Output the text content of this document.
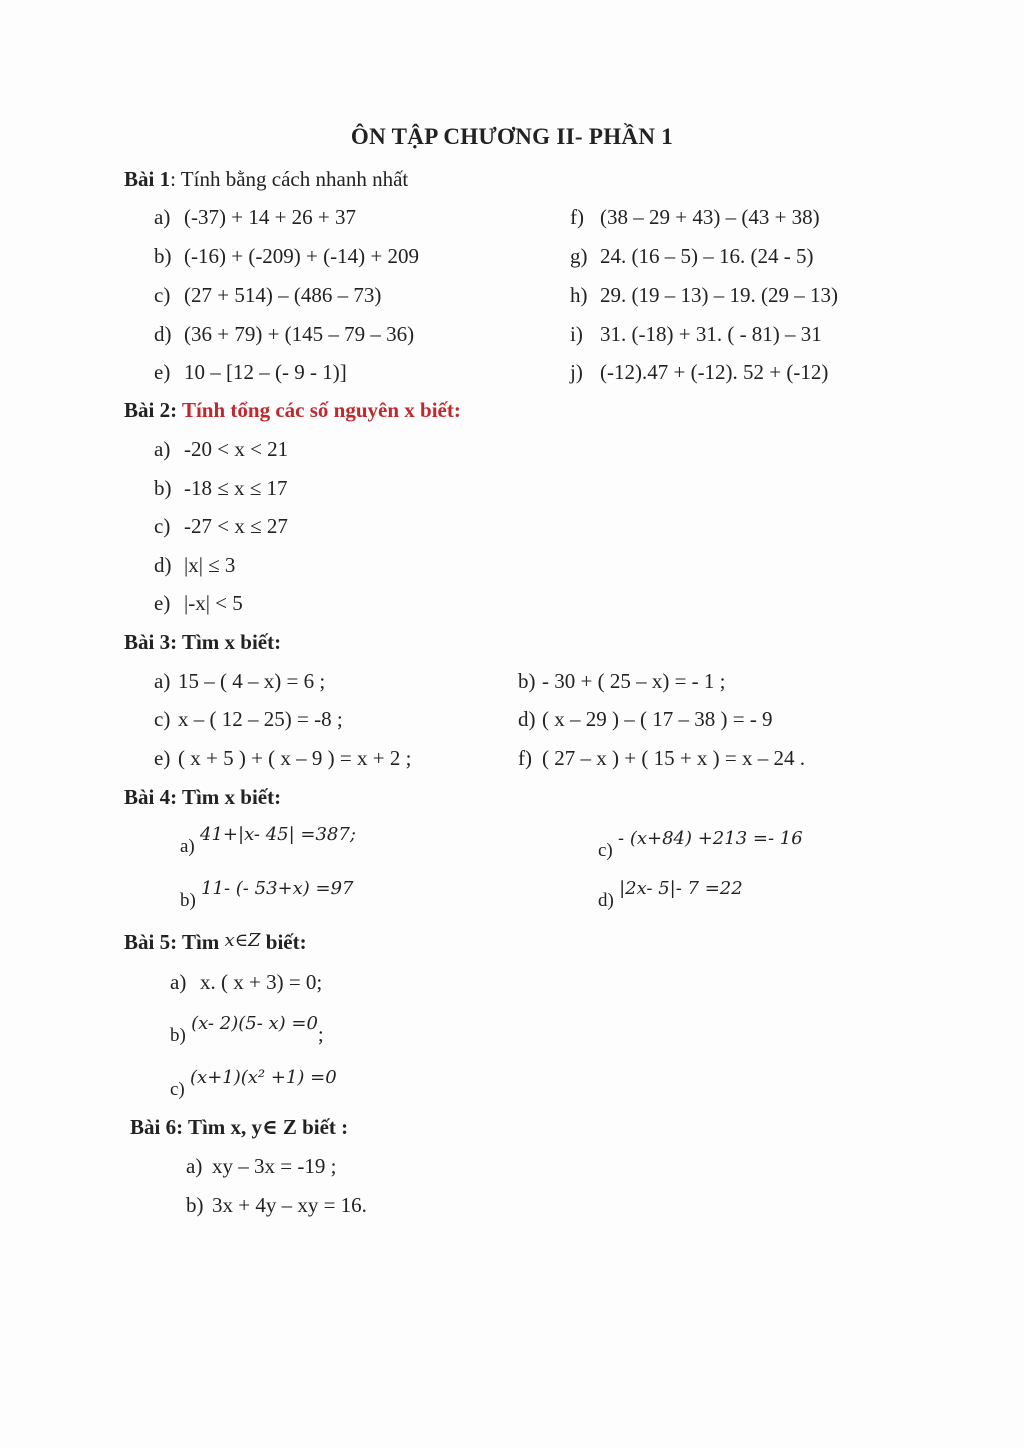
ÔN TẬP CHƯƠNG II- PHẦN 1
Bài 1: Tính bằng cách nhanh nhất
a) (-37) + 14 + 26 + 37
b) (-16) + (-209) + (-14) + 209
c) (27 + 514) – (486 – 73)
d) (36 + 79) + (145 – 79 – 36)
e) 10 – [12 – (- 9 - 1)]
f) (38 – 29 + 43) – (43 + 38)
g) 24. (16 – 5) – 16. (24 - 5)
h) 29. (19 – 13) – 19. (29 – 13)
i) 31. (-18) + 31. ( - 81) – 31
j) (-12).47 + (-12). 52 + (-12)
Bài 2: Tính tổng các số nguyên x biết:
a) -20 < x < 21
b) -18 ≤ x ≤ 17
c) -27 < x ≤ 27
d) |x| ≤ 3
e) |-x| < 5
Bài 3: Tìm x biết:
a) 15 – ( 4 – x) = 6 ;
c) x – ( 12 – 25) = -8 ;
e) ( x + 5 ) + ( x – 9 ) = x + 2 ;
b) - 30 + ( 25 – x) = - 1 ;
d) ( x – 29 ) – ( 17 – 38 ) = - 9
f) ( 27 – x ) + ( 15 + x ) = x – 24 .
Bài 4: Tìm x biết:
a) 41+|x- 45| =387;
b) 11- (- 53+x) =97
c) - (x+84) +213 =- 16
d) |2x- 5|- 7 =22
Bài 5: Tìm x∈Z biết:
a) x. ( x + 3) = 0;
b) (x- 2)(5- x) =0;
c) (x+1)(x² +1) =0
Bài 6: Tìm x, y∈ Z biết :
a) xy – 3x = -19 ;
b) 3x + 4y – xy = 16.
